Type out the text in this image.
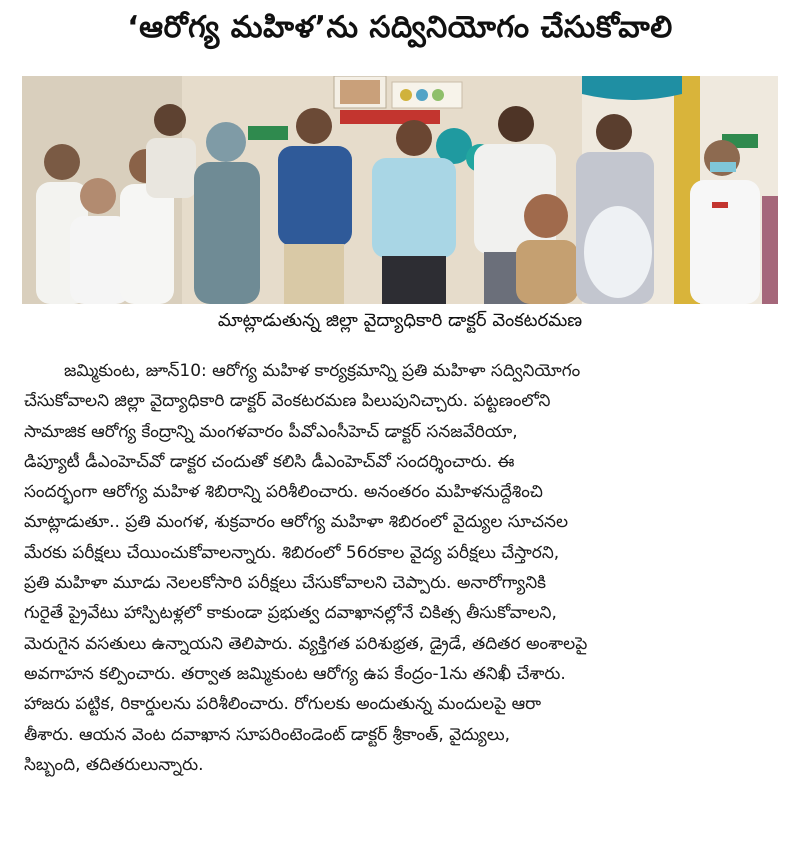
‘ఆరోగ్య మహిళ’ను సద్వినియోగం చేసుకోవాలి
మాట్లాడుతున్న జిల్లా వైద్యాధికారి డాక్టర్ వెంకటరమణ
జమ్మికుంట, జూన్10: ఆరోగ్య మహిళ కార్యక్రమాన్ని ప్రతి మహిళా సద్వినియోగం
చేసుకోవాలని జిల్లా వైద్యాధికారి డాక్టర్ వెంకటరమణ పిలుపునిచ్చారు. పట్టణంలోని
సామాజిక ఆరోగ్య కేంద్రాన్ని మంగళవారం పీవోఎంసీహెచ్ డాక్టర్ సనజవేరియా,
డిప్యూటీ డీఎంహెచ్‌వో డాక్టర చందుతో కలిసి డీఎంహెచ్‌వో సందర్శించారు. ఈ
సందర్భంగా ఆరోగ్య మహిళ శిబిరాన్ని పరిశీలించారు. అనంతరం మహిళనుద్దేశించి
మాట్లాడుతూ.. ప్రతి మంగళ, శుక్రవారం ఆరోగ్య మహిళా శిబిరంలో వైద్యుల సూచనల
మేరకు పరీక్షలు చేయించుకోవాలన్నారు. శిబిరంలో 56రకాల వైద్య పరీక్షలు చేస్తారని,
ప్రతి మహిళా మూడు నెలలకోసారి పరీక్షలు చేసుకోవాలని చెప్పారు. అనారోగ్యానికి
గురైతే ప్రైవేటు హాస్పిటళ్లలో కాకుండా ప్రభుత్వ దవాఖానల్లోనే చికిత్స తీసుకోవాలని,
మెరుగైన వసతులు ఉన్నాయని తెలిపారు. వ్యక్తిగత పరిశుభ్రత, డ్రైడే, తదితర అంశాలపై
అవగాహన కల్పించారు. తర్వాత జమ్మికుంట ఆరోగ్య ఉప కేంద్రం-1ను తనిఖీ చేశారు.
హాజరు పట్టిక, రికార్డులను పరిశీలించారు. రోగులకు అందుతున్న మందులపై ఆరా
తీశారు. ఆయన వెంట దవాఖాన సూపరింటెండెంట్ డాక్టర్ శ్రీకాంత్, వైద్యులు,
సిబ్బంది, తదితరులున్నారు.
